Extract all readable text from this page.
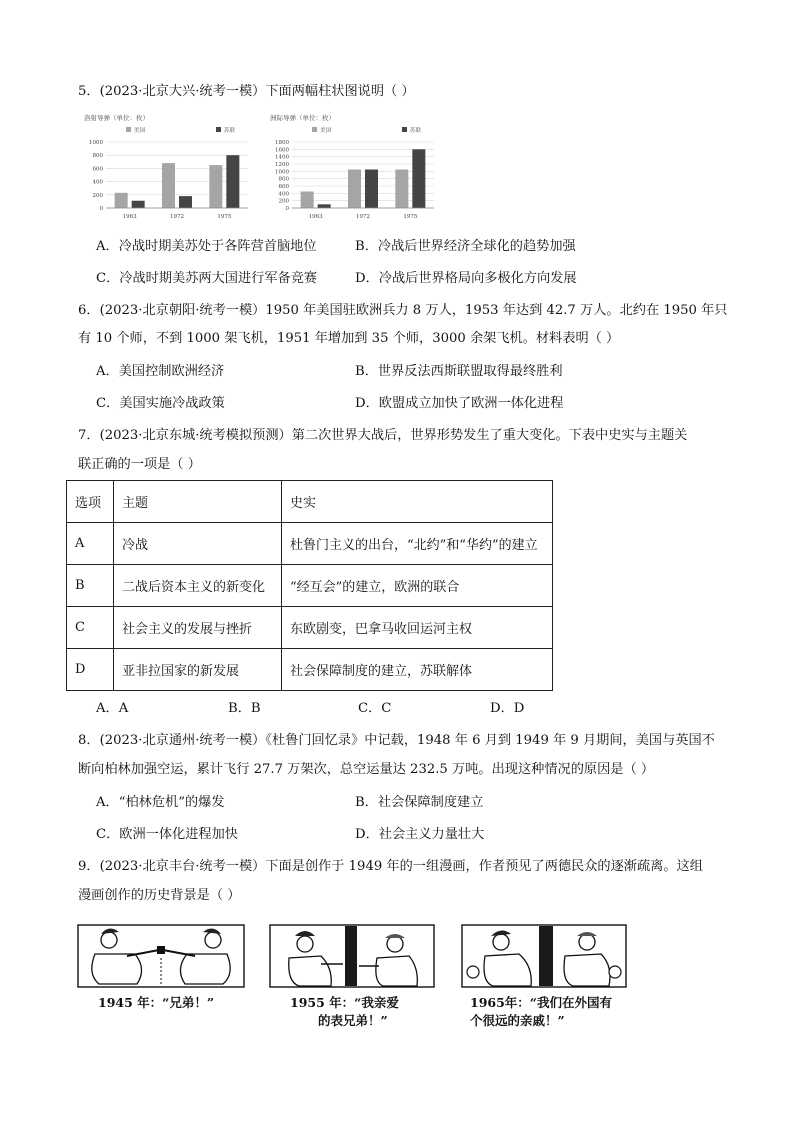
5．(2023·北京大兴·统考一模）下面两幅柱状图说明（ ）
洛射导弹（单位：枚）
美国	苏联
0
200
400
600
800
1000
1963	1972	1975
洲际导弹（单位：枚）
美国	苏联
0
200
400
600
800
1000
1200
1400
1600
1800
1963	1972	1975
A．冷战时期美苏处于各阵营首脑地位	B．冷战后世界经济全球化的趋势加强
C．冷战时期美苏两大国进行军备竞赛	D．冷战后世界格局向多极化方向发展
6．(2023·北京朝阳·统考一模）1950 年美国驻欧洲兵力 8 万人，1953 年达到 42.7 万人。北约在 1950 年只
有 10 个师，不到 1000 架飞机，1951 年增加到 35 个师，3000 余架飞机。材料表明（ ）
A．美国控制欧洲经济	B．世界反法西斯联盟取得最终胜利
C．美国实施冷战政策	D．欧盟成立加快了欧洲一体化进程
7．(2023·北京东城·统考模拟预测）第二次世界大战后，世界形势发生了重大变化。下表中史实与主题关
联正确的一项是（ ）
选项	主题	史实
A	冷战	杜鲁门主义的出台，“北约”和“华约”的建立
B	二战后资本主义的新变化	“经互会”的建立，欧洲的联合
C	社会主义的发展与挫折	东欧剧变，巴拿马收回运河主权
D	亚非拉国家的新发展	社会保障制度的建立，苏联解体
A．A	B．B	C．C	D．D
8．(2023·北京通州·统考一模）《杜鲁门回忆录》中记载，1948 年 6 月到 1949 年 9 月期间，美国与英国不
断向柏林加强空运，累计飞行 27.7 万架次，总空运量达 232.5 万吨。出现这种情况的原因是（ ）
A．“柏林危机”的爆发	B．社会保障制度建立
C．欧洲一体化进程加快	D．社会主义力量壮大
9．(2023·北京丰台·统考一模）下面是创作于 1949 年的一组漫画，作者预见了两德民众的逐渐疏离。这组
漫画创作的历史背景是（ ）
1945 年：“兄弟！”	1955 年：“我亲爱
的表兄弟！”
1965年：“我们在外国有
个很远的亲戚！”
